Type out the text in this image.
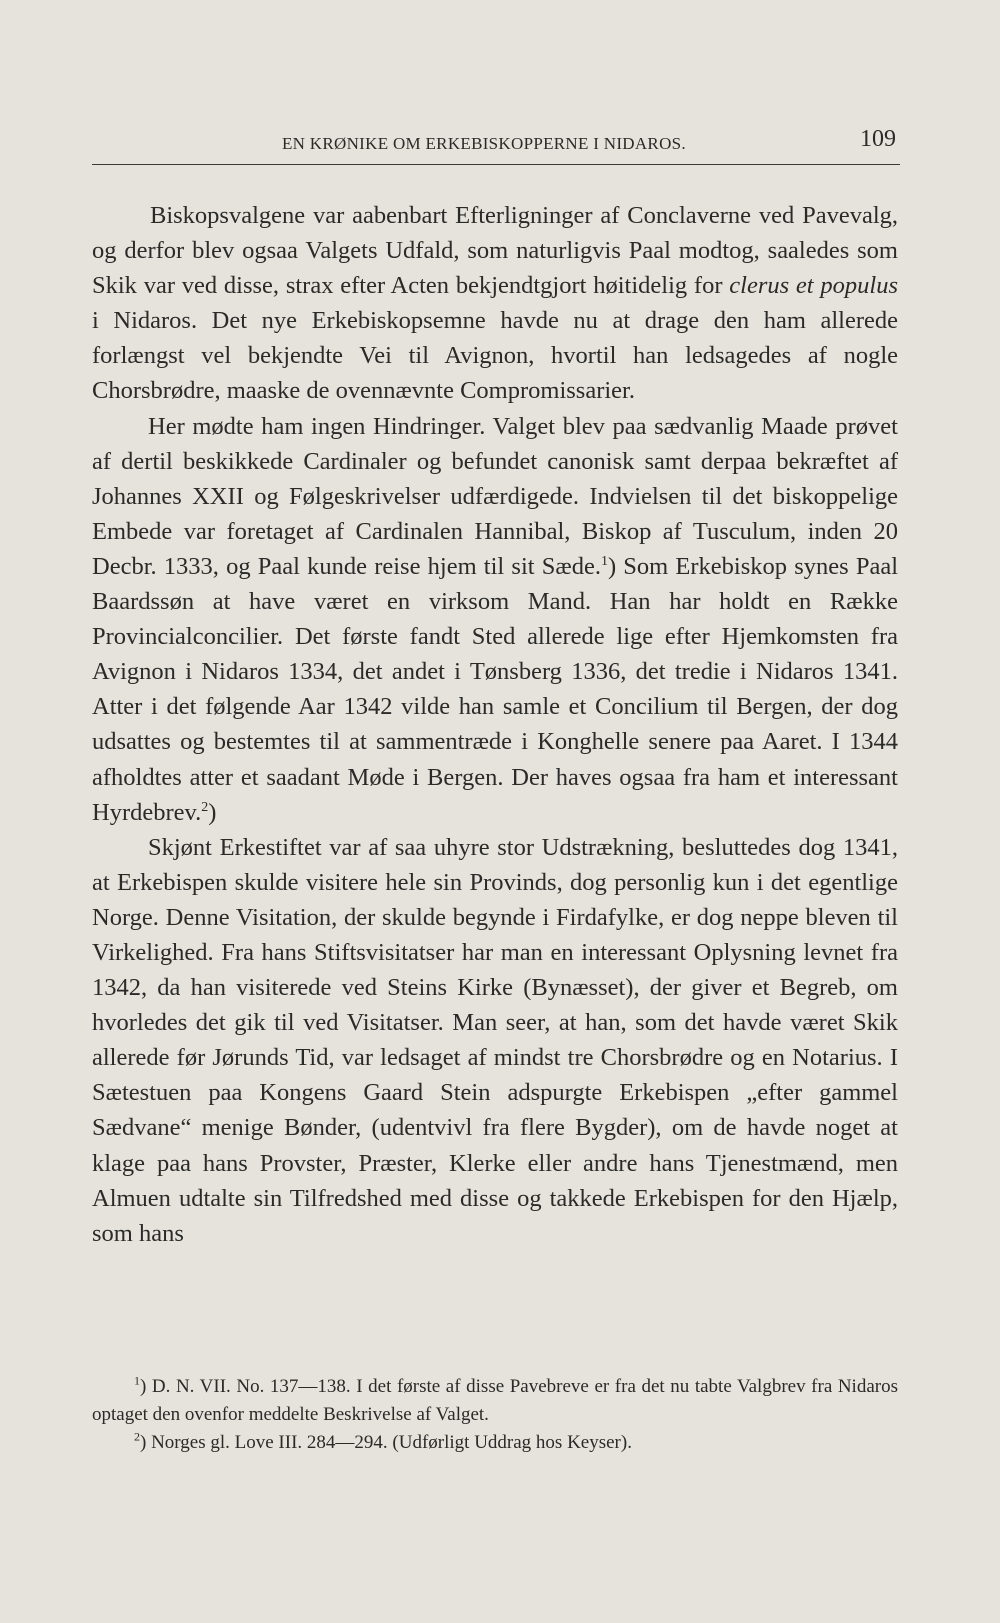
EN KRØNIKE OM ERKEBISKOPPERNE I NIDAROS.	109

Biskopsvalgene var aabenbart Efterligninger af Conclaverne ved Pavevalg, og derfor blev ogsaa Valgets Udfald, som naturligvis Paal modtog, saaledes som Skik var ved disse, strax efter Acten bekjendtgjort høitidelig for clerus et populus i Nidaros. Det nye Erkebiskopsemne havde nu at drage den ham allerede forlængst vel bekjendte Vei til Avignon, hvortil han ledsagedes af nogle Chorsbrødre, maaske de ovennævnte Compromissarier.

Her mødte ham ingen Hindringer. Valget blev paa sædvanlig Maade prøvet af dertil beskikkede Cardinaler og befundet canonisk samt derpaa bekræftet af Johannes XXII og Følgeskrivelser udfærdigede. Indvielsen til det biskoppelige Embede var foretaget af Cardinalen Hannibal, Biskop af Tusculum, inden 20 Decbr. 1333, og Paal kunde reise hjem til sit Sæde.$^1$) Som Erkebiskop synes Paal Baardssøn at have været en virksom Mand. Han har holdt en Række Provincialconcilier. Det første fandt Sted allerede lige efter Hjemkomsten fra Avignon i Nidaros 1334, det andet i Tønsberg 1336, det tredie i Nidaros 1341. Atter i det følgende Aar 1342 vilde han samle et Concilium til Bergen, der dog udsattes og bestemtes til at sammentræde i Konghelle senere paa Aaret. I 1344 afholdtes atter et saadant Møde i Bergen. Der haves ogsaa fra ham et interessant Hyrdebrev.$^2$)

Skjønt Erkestiftet var af saa uhyre stor Udstrækning, besluttedes dog 1341, at Erkebispen skulde visitere hele sin Provinds, dog personlig kun i det egentlige Norge. Denne Visitation, der skulde begynde i Firdafylke, er dog neppe bleven til Virkelighed. Fra hans Stiftsvisitatser har man en interessant Oplysning levnet fra 1342, da han visiterede ved Steins Kirke (Bynæsset), der giver et Begreb, om hvorledes det gik til ved Visitatser. Man seer, at han, som det havde været Skik allerede før Jørunds Tid, var ledsaget af mindst tre Chorsbrødre og en Notarius. I Sætestuen paa Kongens Gaard Stein adspurgte Erkebispen „efter gammel Sædvane“ menige Bønder, (udentvivl fra flere Bygder), om de havde noget at klage paa hans Provster, Præster, Klerke eller andre hans Tjenestmænd, men Almuen udtalte sin Tilfredshed med disse og takkede Erkebispen for den Hjælp, som hans

$^1$) D. N. VII. No. 137—138. I det første af disse Pavebreve er fra det nu tabte Valgbrev fra Nidaros optaget den ovenfor meddelte Beskrivelse af Valget.

$^2$) Norges gl. Love III. 284—294. (Udførligt Uddrag hos Keyser).
